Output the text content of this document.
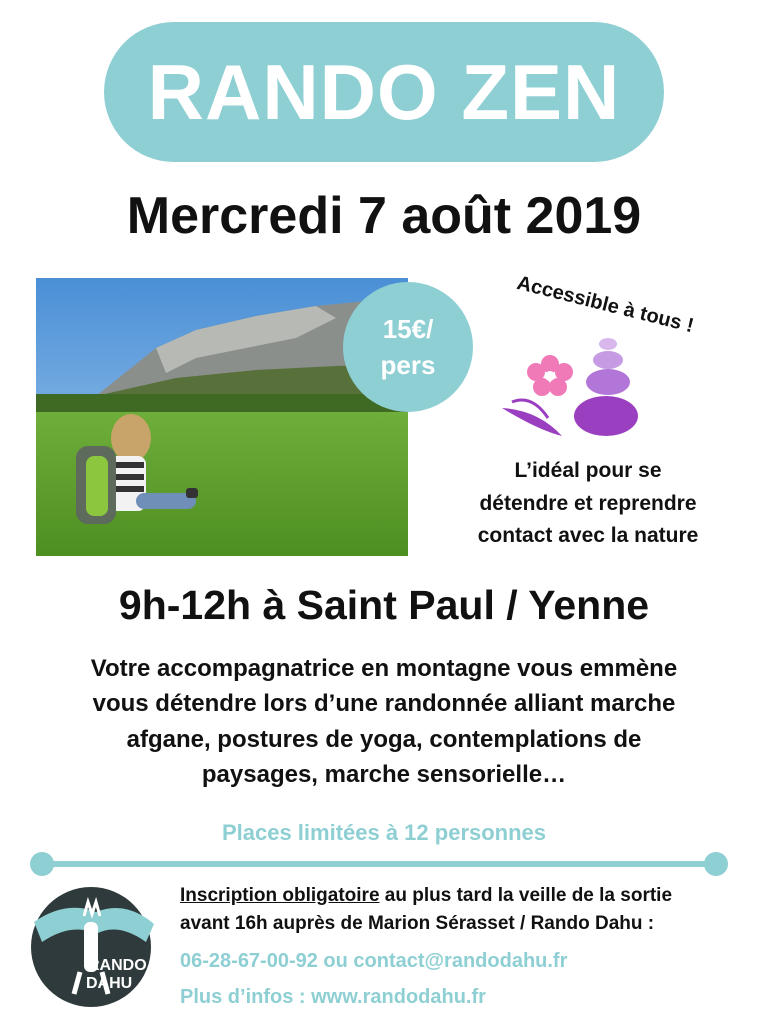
RANDO ZEN
Mercredi 7 août 2019
15€/
pers
Accessible à tous !
L’idéal pour se
détendre et reprendre
contact avec la nature
9h-12h à Saint Paul / Yenne
Votre accompagnatrice en montagne vous emmène
vous détendre lors d’une randonnée alliant marche
afgane, postures de yoga, contemplations de
paysages, marche sensorielle…
Places limitées à 12 personnes
RANDO
DAHU
Inscription obligatoire au plus tard la veille de la sortie
avant 16h auprès de Marion Sérasset / Rando Dahu :
06-28-67-00-92 ou contact@randodahu.fr
Plus d’infos : www.randodahu.fr
